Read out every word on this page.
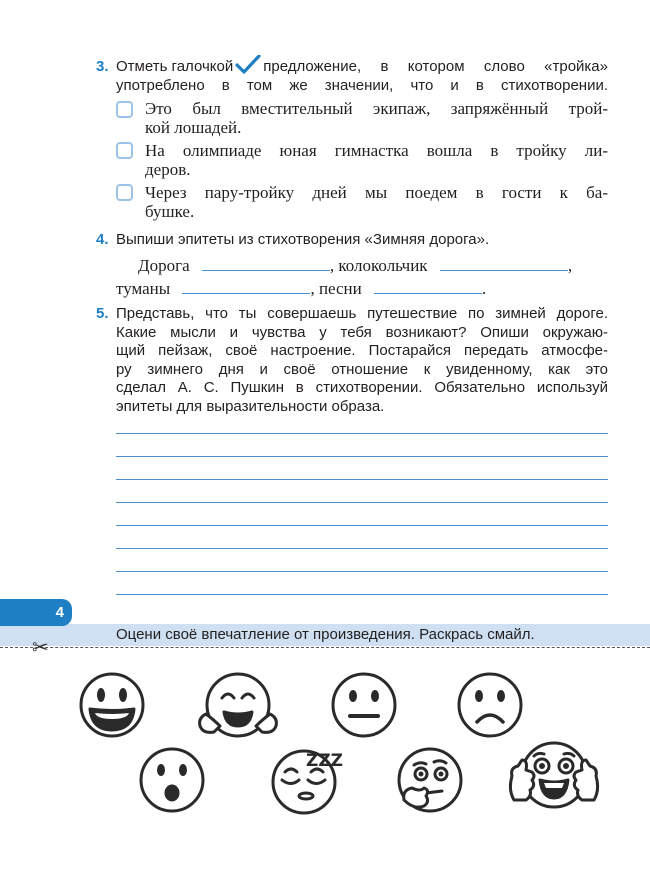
3. Отметь галочкой предложение, в котором слово «тройка»
употреблено в том же значении, что и в стихотворении.
Это был вместительный экипаж, запряжённый трой-
кой лошадей.
На олимпиаде юная гимнастка вошла в тройку ли-
деров.
Через пару-тройку дней мы поедем в гости к ба-
бушке.
4. Выпиши эпитеты из стихотворения «Зимняя дорога».
Дорога	, колокольчик	,
туманы	, песни	.
5. Представь, что ты совершаешь путешествие по зимней дороге.
Какие мысли и чувства у тебя возникают? Опиши окружаю-
щий пейзаж, своё настроение. Постарайся передать атмосфе-
ру зимнего дня и своё отношение к увиденному, как это
сделал А. С. Пушкин в стихотворении. Обязательно используй
эпитеты для выразительности образа.
4
Оцени своё впечатление от произведения. Раскрась смайл.
✂
ZZZ
